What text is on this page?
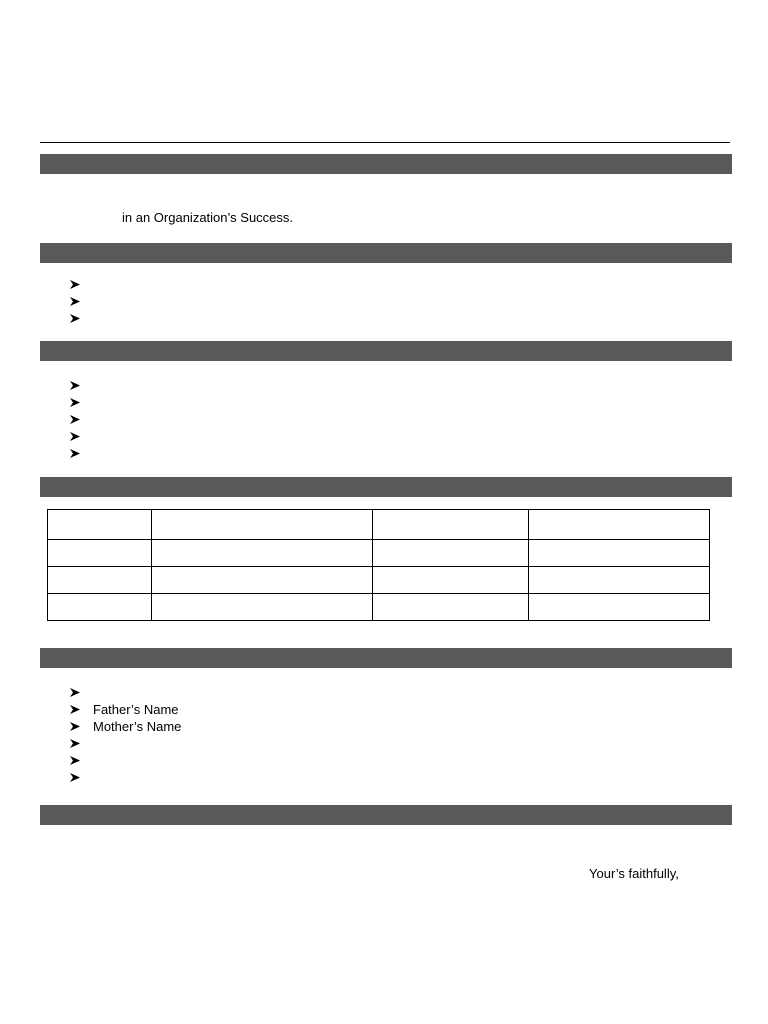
in an Organization’s Success.

Father’s Name
Mother’s Name
Your’s faithfully,
